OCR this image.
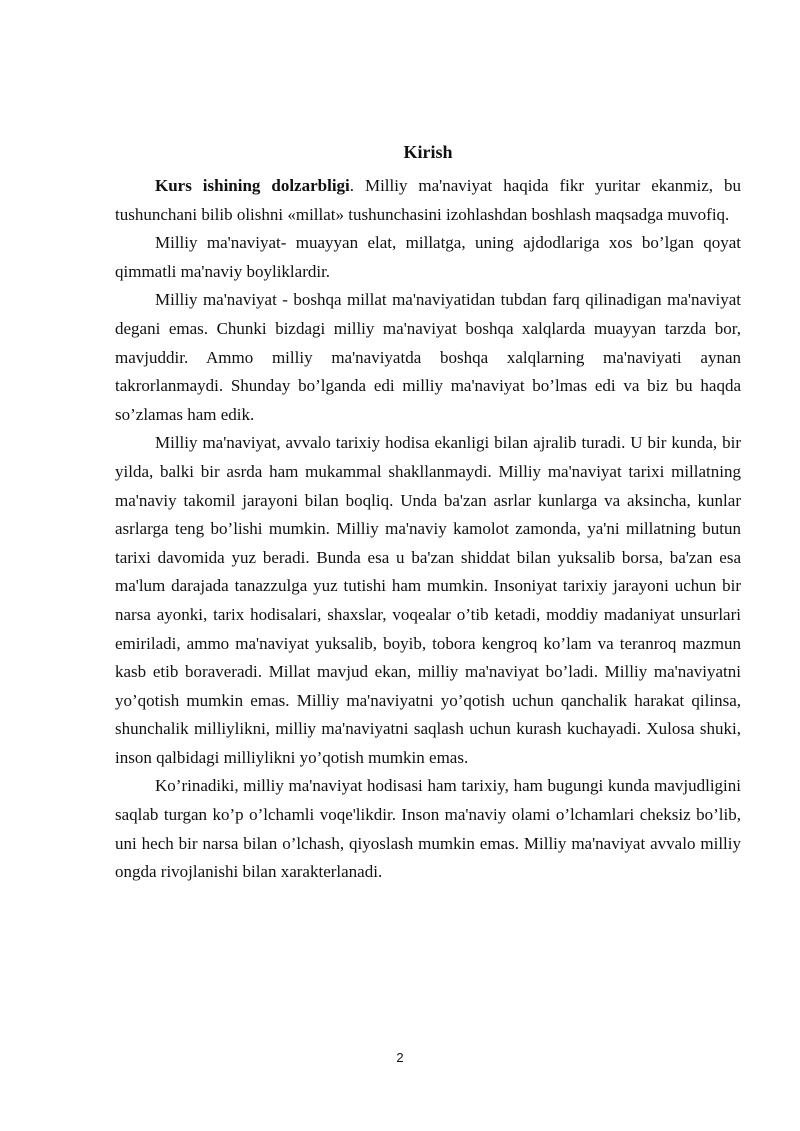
Kirish

Kurs ishining dolzarbligi. Milliy ma'naviyat haqida fikr yuritar ekanmiz, bu tushunchani bilib olishni «millat» tushunchasini izohlashdan boshlash maqsadga muvofiq.

Milliy ma'naviyat- muayyan elat, millatga, uning ajdodlariga xos bo’lgan qoyat qimmatli ma'naviy boyliklardir.

Milliy ma'naviyat - boshqa millat ma'naviyatidan tubdan farq qilinadigan ma'naviyat degani emas. Chunki bizdagi milliy ma'naviyat boshqa xalqlarda muayyan tarzda bor, mavjuddir. Ammo milliy ma'naviyatda boshqa xalqlarning ma'naviyati aynan takrorlanmaydi. Shunday bo’lganda edi milliy ma'naviyat bo’lmas edi va biz bu haqda so’zlamas ham edik.

Milliy ma'naviyat, avvalo tarixiy hodisa ekanligi bilan ajralib turadi. U bir kunda, bir yilda, balki bir asrda ham mukammal shakllanmaydi. Milliy ma'naviyat tarixi millatning ma'naviy takomil jarayoni bilan boqliq. Unda ba'zan asrlar kunlarga va aksincha, kunlar asrlarga teng bo’lishi mumkin. Milliy ma'naviy kamolot zamonda, ya'ni millatning butun tarixi davomida yuz beradi. Bunda esa u ba'zan shiddat bilan yuksalib borsa, ba'zan esa ma'lum darajada tanazzulga yuz tutishi ham mumkin. Insoniyat tarixiy jarayoni uchun bir narsa ayonki, tarix hodisalari, shaxslar, voqealar o’tib ketadi, moddiy madaniyat unsurlari emiriladi, ammo ma'naviyat yuksalib, boyib, tobora kengroq ko’lam va teranroq mazmun kasb etib boraveradi. Millat mavjud ekan, milliy ma'naviyat bo’ladi. Milliy ma'naviyatni yo’qotish mumkin emas. Milliy ma'naviyatni yo’qotish uchun qanchalik harakat qilinsa, shunchalik milliylikni, milliy ma'naviyatni saqlash uchun kurash kuchayadi. Xulosa shuki, inson qalbidagi milliylikni yo’qotish mumkin emas.

Ko’rinadiki, milliy ma'naviyat hodisasi ham tarixiy, ham bugungi kunda mavjudligini saqlab turgan ko’p o’lchamli voqe'likdir. Inson ma'naviy olami o’lchamlari cheksiz bo’lib, uni hech bir narsa bilan o’lchash, qiyoslash mumkin emas. Milliy ma'naviyat avvalo milliy ongda rivojlanishi bilan xarakterlanadi.

2
